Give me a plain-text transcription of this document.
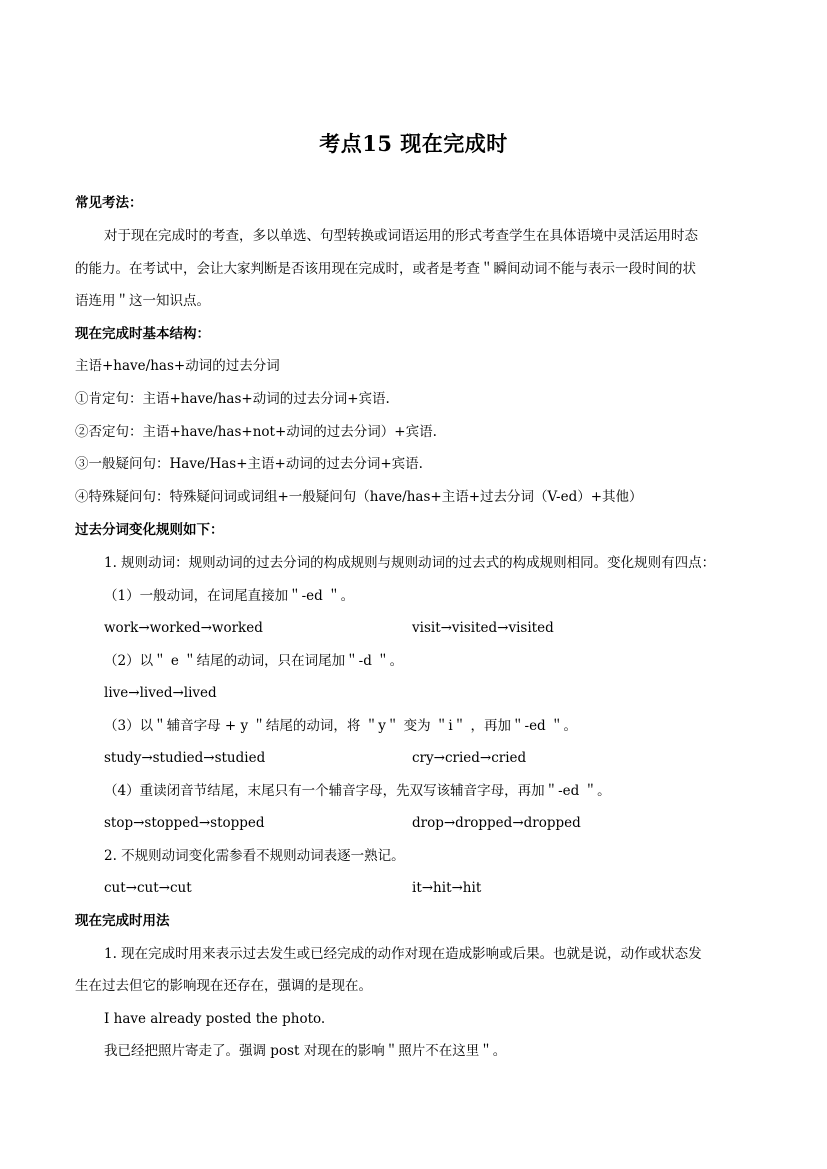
考点15 现在完成时
常见考法：
对于现在完成时的考查，多以单选、句型转换或词语运用的形式考查学生在具体语境中灵活运用时态
的能力。在考试中，会让大家判断是否该用现在完成时，或者是考查＂瞬间动词不能与表示一段时间的状
语连用＂这一知识点。
现在完成时基本结构：
主语+have/has+动词的过去分词
①肯定句：主语+have/has+动词的过去分词+宾语.
②否定句：主语+have/has+not+动词的过去分词）+宾语.
③一般疑问句：Have/Has+主语+动词的过去分词+宾语.
④特殊疑问句：特殊疑问词或词组+一般疑问句（have/has+主语+过去分词（V-ed）+其他）
过去分词变化规则如下：
1. 规则动词：规则动词的过去分词的构成规则与规则动词的过去式的构成规则相同。变化规则有四点：
（1）一般动词，在词尾直接加＂-ed ＂。
work→worked→worked	visit→visited→visited
（2）以＂ e ＂结尾的动词，只在词尾加＂-d ＂。
live→lived→lived
（3）以＂辅音字母 + y ＂结尾的动词，将 ＂y＂ 变为 ＂i＂ ，再加＂-ed ＂。
study→studied→studied	cry→cried→cried
（4）重读闭音节结尾，末尾只有一个辅音字母，先双写该辅音字母，再加＂-ed ＂。
stop→stopped→stopped	drop→dropped→dropped
2. 不规则动词变化需参看不规则动词表逐一熟记。
cut→cut→cut	it→hit→hit
现在完成时用法
1. 现在完成时用来表示过去发生或已经完成的动作对现在造成影响或后果。也就是说，动作或状态发
生在过去但它的影响现在还存在，强调的是现在。
I have already posted the photo.
我已经把照片寄走了。强调 post 对现在的影响＂照片不在这里＂。
